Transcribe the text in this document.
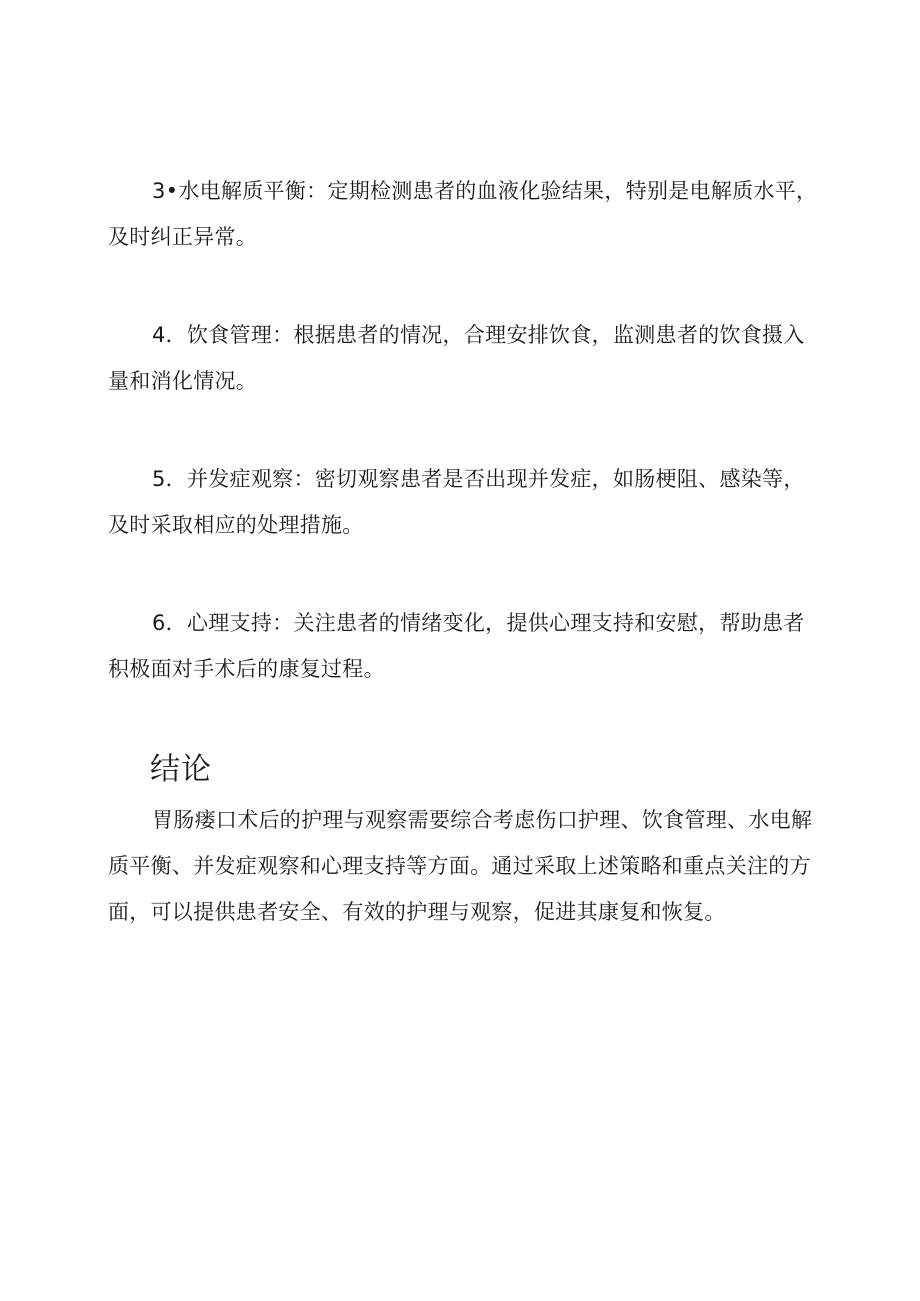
3•水电解质平衡：定期检测患者的血液化验结果，特别是电解质水平，及时纠正异常。

4．饮食管理：根据患者的情况，合理安排饮食，监测患者的饮食摄入量和消化情况。

5．并发症观察：密切观察患者是否出现并发症，如肠梗阻、感染等，及时采取相应的处理措施。

6．心理支持：关注患者的情绪变化，提供心理支持和安慰，帮助患者积极面对手术后的康复过程。

结论

胃肠瘘口术后的护理与观察需要综合考虑伤口护理、饮食管理、水电解质平衡、并发症观察和心理支持等方面。通过采取上述策略和重点关注的方面，可以提供患者安全、有效的护理与观察，促进其康复和恢复。
